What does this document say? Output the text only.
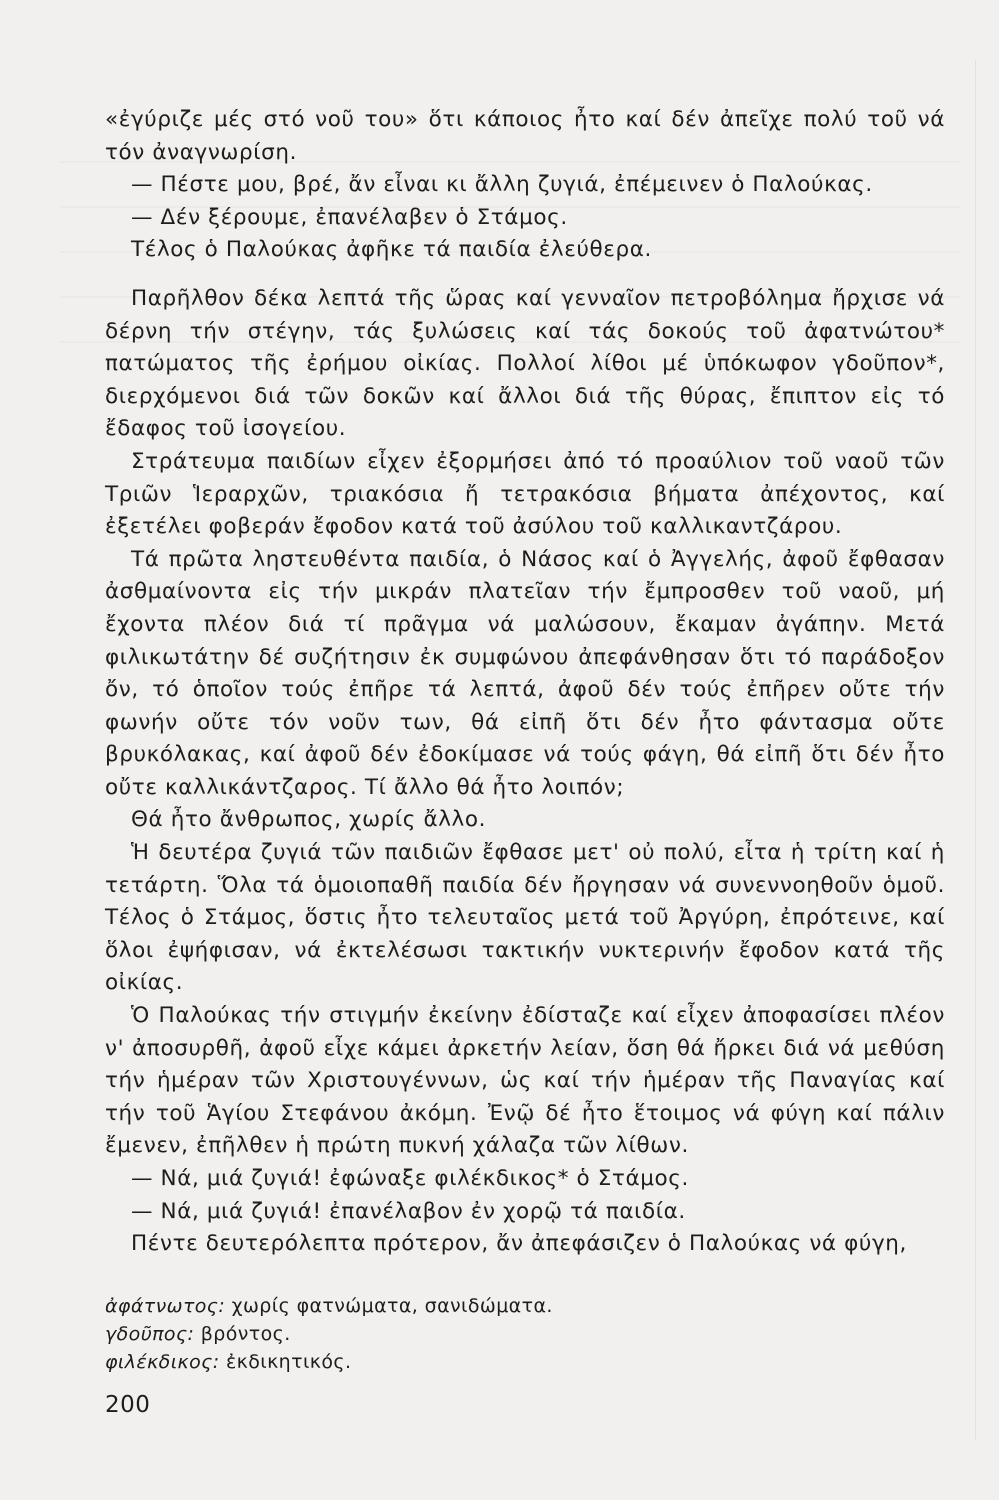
«ἐγύριζε μές στό νοῦ του» ὅτι κάποιος ἦτο καί δέν ἀπεῖχε πολύ τοῦ νά τόν ἀναγνωρίση.

— Πέστε μου, βρέ, ἄν εἶναι κι ἄλλη ζυγιά, ἐπέμεινεν ὁ Παλούκας.

— Δέν ξέρουμε, ἐπανέλαβεν ὁ Στάμος.

Τέλος ὁ Παλούκας ἀφῆκε τά παιδία ἐλεύθερα.

Παρῆλθον δέκα λεπτά τῆς ὥρας καί γενναῖον πετροβόλημα ἤρχισε νά δέρνη τήν στέγην, τάς ξυλώσεις καί τάς δοκούς τοῦ ἀφατνώτου* πατώματος τῆς ἐρήμου οἰκίας. Πολλοί λίθοι μέ ὑπόκωφον γδοῦπον*, διερχόμενοι διά τῶν δοκῶν καί ἄλλοι διά τῆς θύρας, ἔπιπτον εἰς τό ἔδαφος τοῦ ἰσογείου.

Στράτευμα παιδίων εἶχεν ἐξορμήσει ἀπό τό προαύλιον τοῦ ναοῦ τῶν Τριῶν Ἱεραρχῶν, τριακόσια ἤ τετρακόσια βήματα ἀπέχοντος, καί ἐξετέλει φοβεράν ἔφοδον κατά τοῦ ἀσύλου τοῦ καλλικαντζάρου.

Τά πρῶτα ληστευθέντα παιδία, ὁ Νάσος καί ὁ Ἀγγελής, ἀφοῦ ἔφθασαν ἀσθμαίνοντα εἰς τήν μικράν πλατεῖαν τήν ἔμπροσθεν τοῦ ναοῦ, μή ἔχοντα πλέον διά τί πρᾶγμα νά μαλώσουν, ἔκαμαν ἀγάπην. Μετά φιλικωτάτην δέ συζήτησιν ἐκ συμφώνου ἀπεφάνθησαν ὅτι τό παράδοξον ὄν, τό ὁποῖον τούς ἐπῆρε τά λεπτά, ἀφοῦ δέν τούς ἐπῆρεν οὔτε τήν φωνήν οὔτε τόν νοῦν των, θά εἰπῆ ὅτι δέν ἦτο φάντασμα οὔτε βρυκόλακας, καί ἀφοῦ δέν ἐδοκίμασε νά τούς φάγη, θά εἰπῆ ὅτι δέν ἦτο οὔτε καλλικάντζαρος. Τί ἄλλο θά ἦτο λοιπόν;

Θά ἦτο ἄνθρωπος, χωρίς ἄλλο.

Ἡ δευτέρα ζυγιά τῶν παιδιῶν ἔφθασε μετ' οὐ πολύ, εἶτα ἡ τρίτη καί ἡ τετάρτη. Ὅλα τά ὁμοιοπαθῆ παιδία δέν ἤργησαν νά συνεννοηθοῦν ὁμοῦ. Τέλος ὁ Στάμος, ὅστις ἦτο τελευταῖος μετά τοῦ Ἀργύρη, ἐπρότεινε, καί ὅλοι ἐψήφισαν, νά ἐκτελέσωσι τακτικήν νυκτερινήν ἔφοδον κατά τῆς οἰκίας.

Ὁ Παλούκας τήν στιγμήν ἐκείνην ἐδίσταζε καί εἶχεν ἀποφασίσει πλέον ν' ἀποσυρθῆ, ἀφοῦ εἶχε κάμει ἀρκετήν λείαν, ὅση θά ἤρκει διά νά μεθύση τήν ἡμέραν τῶν Χριστουγέννων, ὡς καί τήν ἡμέραν τῆς Παναγίας καί τήν τοῦ Ἁγίου Στεφάνου ἀκόμη. Ἐνῷ δέ ἦτο ἕτοιμος νά φύγη καί πάλιν ἔμενεν, ἐπῆλθεν ἡ πρώτη πυκνή χάλαζα τῶν λίθων.

— Νά, μιά ζυγιά! ἐφώναξε φιλέκδικος* ὁ Στάμος.

— Νά, μιά ζυγιά! ἐπανέλαβον ἐν χορῷ τά παιδία.

Πέντε δευτερόλεπτα πρότερον, ἄν ἀπεφάσιζεν ὁ Παλούκας νά φύγη,

ἀφάτνωτος: χωρίς φατνώματα, σανιδώματα.

γδοῦπος: βρόντος.

φιλέκδικος: ἐκδικητικός.

200
